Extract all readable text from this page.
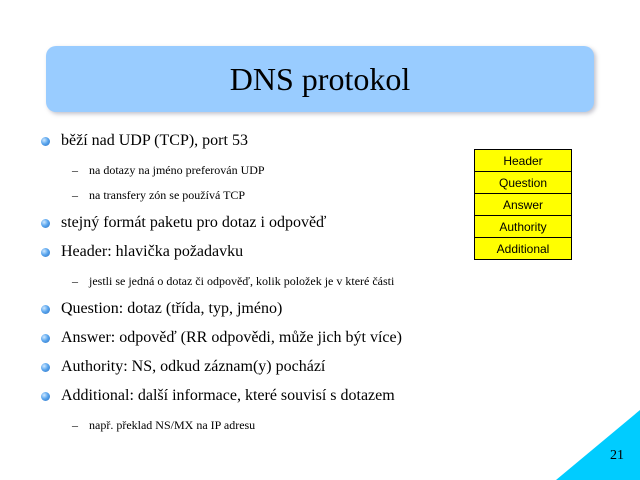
DNS protokol
běží nad UDP (TCP), port 53
– na dotazy na jméno preferován UDP
– na transfery zón se používá TCP
stejný formát paketu pro dotaz i odpověď
Header: hlavička požadavku
– jestli se jedná o dotaz či odpověď, kolik položek je v které části
Question: dotaz (třída, typ, jméno)
Answer: odpověď (RR odpovědi, může jich být více)
Authority: NS, odkud záznam(y) pochází
Additional: další informace, které souvisí s dotazem
– např. překlad NS/MX na IP adresu
Header
Question
Answer
Authority
Additional
21
